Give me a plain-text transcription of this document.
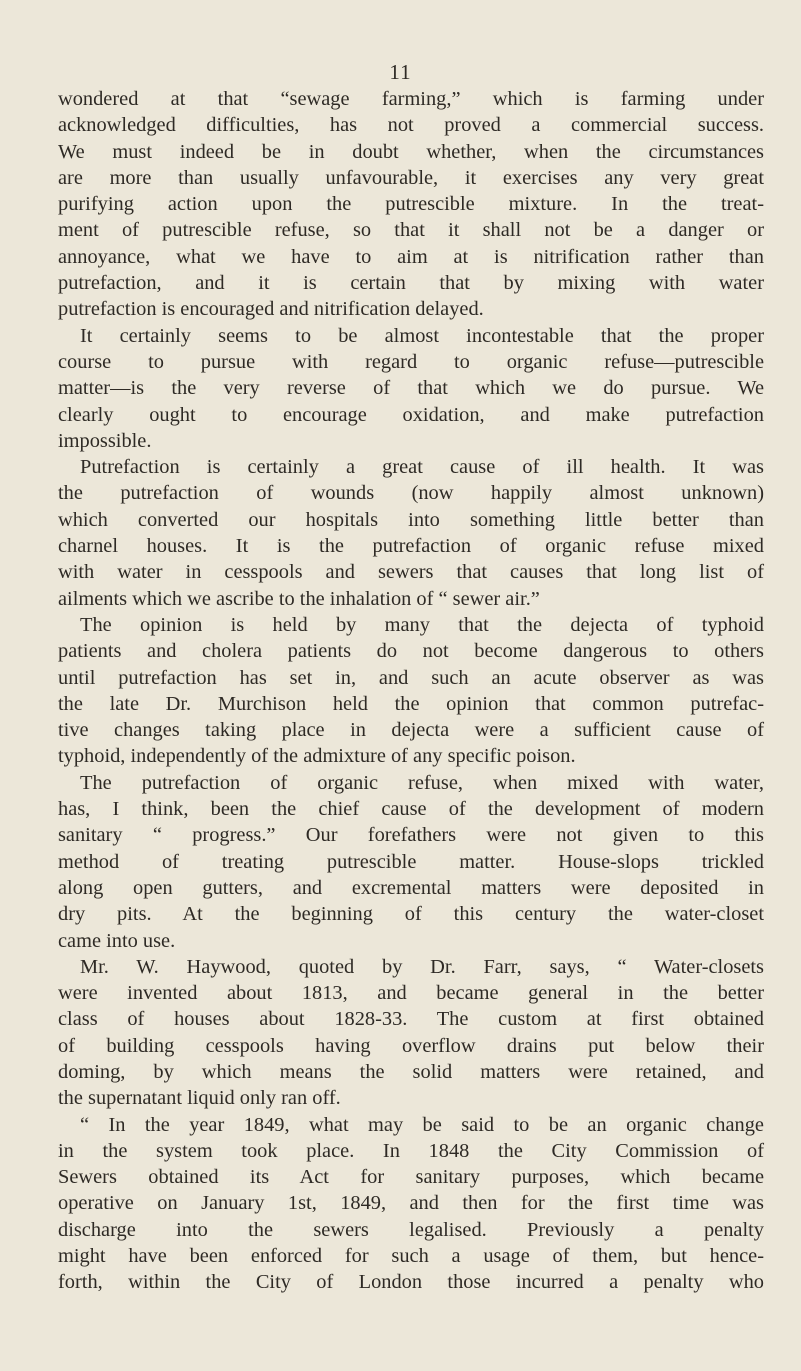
11
wondered at that “sewage farming,” which is farming under
acknowledged difficulties, has not proved a commercial success.
We must indeed be in doubt whether, when the circumstances
are more than usually unfavourable, it exercises any very great
purifying action upon the putrescible mixture. In the treat-
ment of putrescible refuse, so that it shall not be a danger or
annoyance, what we have to aim at is nitrification rather than
putrefaction, and it is certain that by mixing with water
putrefaction is encouraged and nitrification delayed.
It certainly seems to be almost incontestable that the proper
course to pursue with regard to organic refuse—putrescible
matter—is the very reverse of that which we do pursue. We
clearly ought to encourage oxidation, and make putrefaction
impossible.
Putrefaction is certainly a great cause of ill health. It was
the putrefaction of wounds (now happily almost unknown)
which converted our hospitals into something little better than
charnel houses. It is the putrefaction of organic refuse mixed
with water in cesspools and sewers that causes that long list of
ailments which we ascribe to the inhalation of “ sewer air.”
The opinion is held by many that the dejecta of typhoid
patients and cholera patients do not become dangerous to others
until putrefaction has set in, and such an acute observer as was
the late Dr. Murchison held the opinion that common putrefac-
tive changes taking place in dejecta were a sufficient cause of
typhoid, independently of the admixture of any specific poison.
The putrefaction of organic refuse, when mixed with water,
has, I think, been the chief cause of the development of modern
sanitary “ progress.” Our forefathers were not given to this
method of treating putrescible matter. House-slops trickled
along open gutters, and excremental matters were deposited in
dry pits. At the beginning of this century the water-closet
came into use.
Mr. W. Haywood, quoted by Dr. Farr, says, “ Water-closets
were invented about 1813, and became general in the better
class of houses about 1828-33. The custom at first obtained
of building cesspools having overflow drains put below their
doming, by which means the solid matters were retained, and
the supernatant liquid only ran off.
“ In the year 1849, what may be said to be an organic change
in the system took place. In 1848 the City Commission of
Sewers obtained its Act for sanitary purposes, which became
operative on January 1st, 1849, and then for the first time was
discharge into the sewers legalised. Previously a penalty
might have been enforced for such a usage of them, but hence-
forth, within the City of London those incurred a penalty who
